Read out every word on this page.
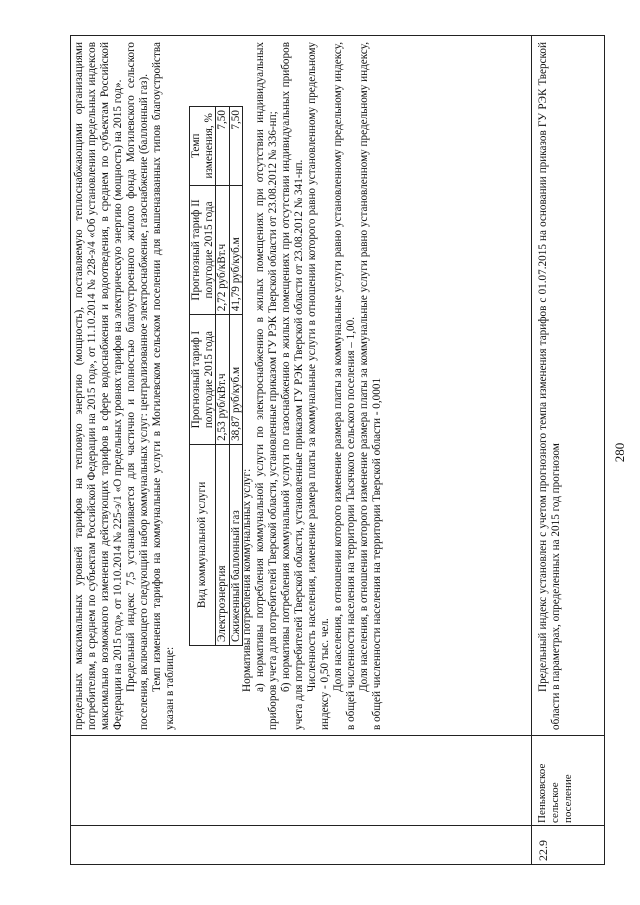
280
22.9
Пеньковское сельское поселение

предельных максимальных уровней тарифов на тепловую энергию (мощность), поставляемую теплоснабжающими организациями потребителям, в среднем по субъектам Российской Федерации на 2015 год», от 11.10.2014 № 228-э/4 «Об установлении предельных индексов максимально возможного изменения действующих тарифов в сфере водоснабжения и водоотведения, в среднем по субъектам Российской Федерации на 2015 год», от 10.10.2014 № 225-э/1 «О предельных уровнях тарифов на электрическую энергию (мощность) на 2015 год». Предельный индекс 7,5 устанавливается для частично и полностью благоустроенного жилого фонда Могилевского сельского поселения, включающего следующий набор коммунальных услуг: централизованное электроснабжение, газоснабжение (баллонный газ). Темп изменения тарифов на коммунальные услуги в Могилевском сельском поселении для вышеназванных типов благоустройства указан в таблице:

Вид коммунальной услуги	Прогнозный тариф I полугодие 2015 года	Прогнозный тариф II полугодие 2015 года	Темп изменения, %
Электроэнергия	2,53 руб/кВт.ч	2,72 руб/кВт.ч	7,50
Сжиженный баллонный газ	38,87 руб/куб.м	41,79 руб/куб.м	7,50

Нормативы потребления коммунальных услуг: а) нормативы потребления коммунальной услуги по электроснабжению в жилых помещениях при отсутствии индивидуальных приборов учета для потребителей Тверской области, установленные приказом ГУ РЭК Тверской области от 23.08.2012 № 336-нп; б) нормативы потребления коммунальной услуги по газоснабжению в жилых помещениях при отсутствии индивидуальных приборов учета для потребителей Тверской области, установленные приказом ГУ РЭК Тверской области от 23.08.2012 № 341-нп. Численность населения, изменение размера платы за коммунальные услуги в отношении которого равно установленному предельному индексу - 0,50 тыс. чел. Доля населения, в отношении которого изменение размера платы за коммунальные услуги равно установленному предельному индексу, в общей численности населения на территории Тысячкого сельского поселения – 1,00. Доля населения, в отношении которого изменение размера платы за коммунальные услуги равно установленному предельному индексу, в общей численности населения на территории Тверской области - 0,0001	Предельный индекс установлен с учетом прогнозного темпа изменения тарифов с 01.07.2015 на основании приказов ГУ РЭК Тверской области в параметрах, определенных на 2015 год прогнозом
